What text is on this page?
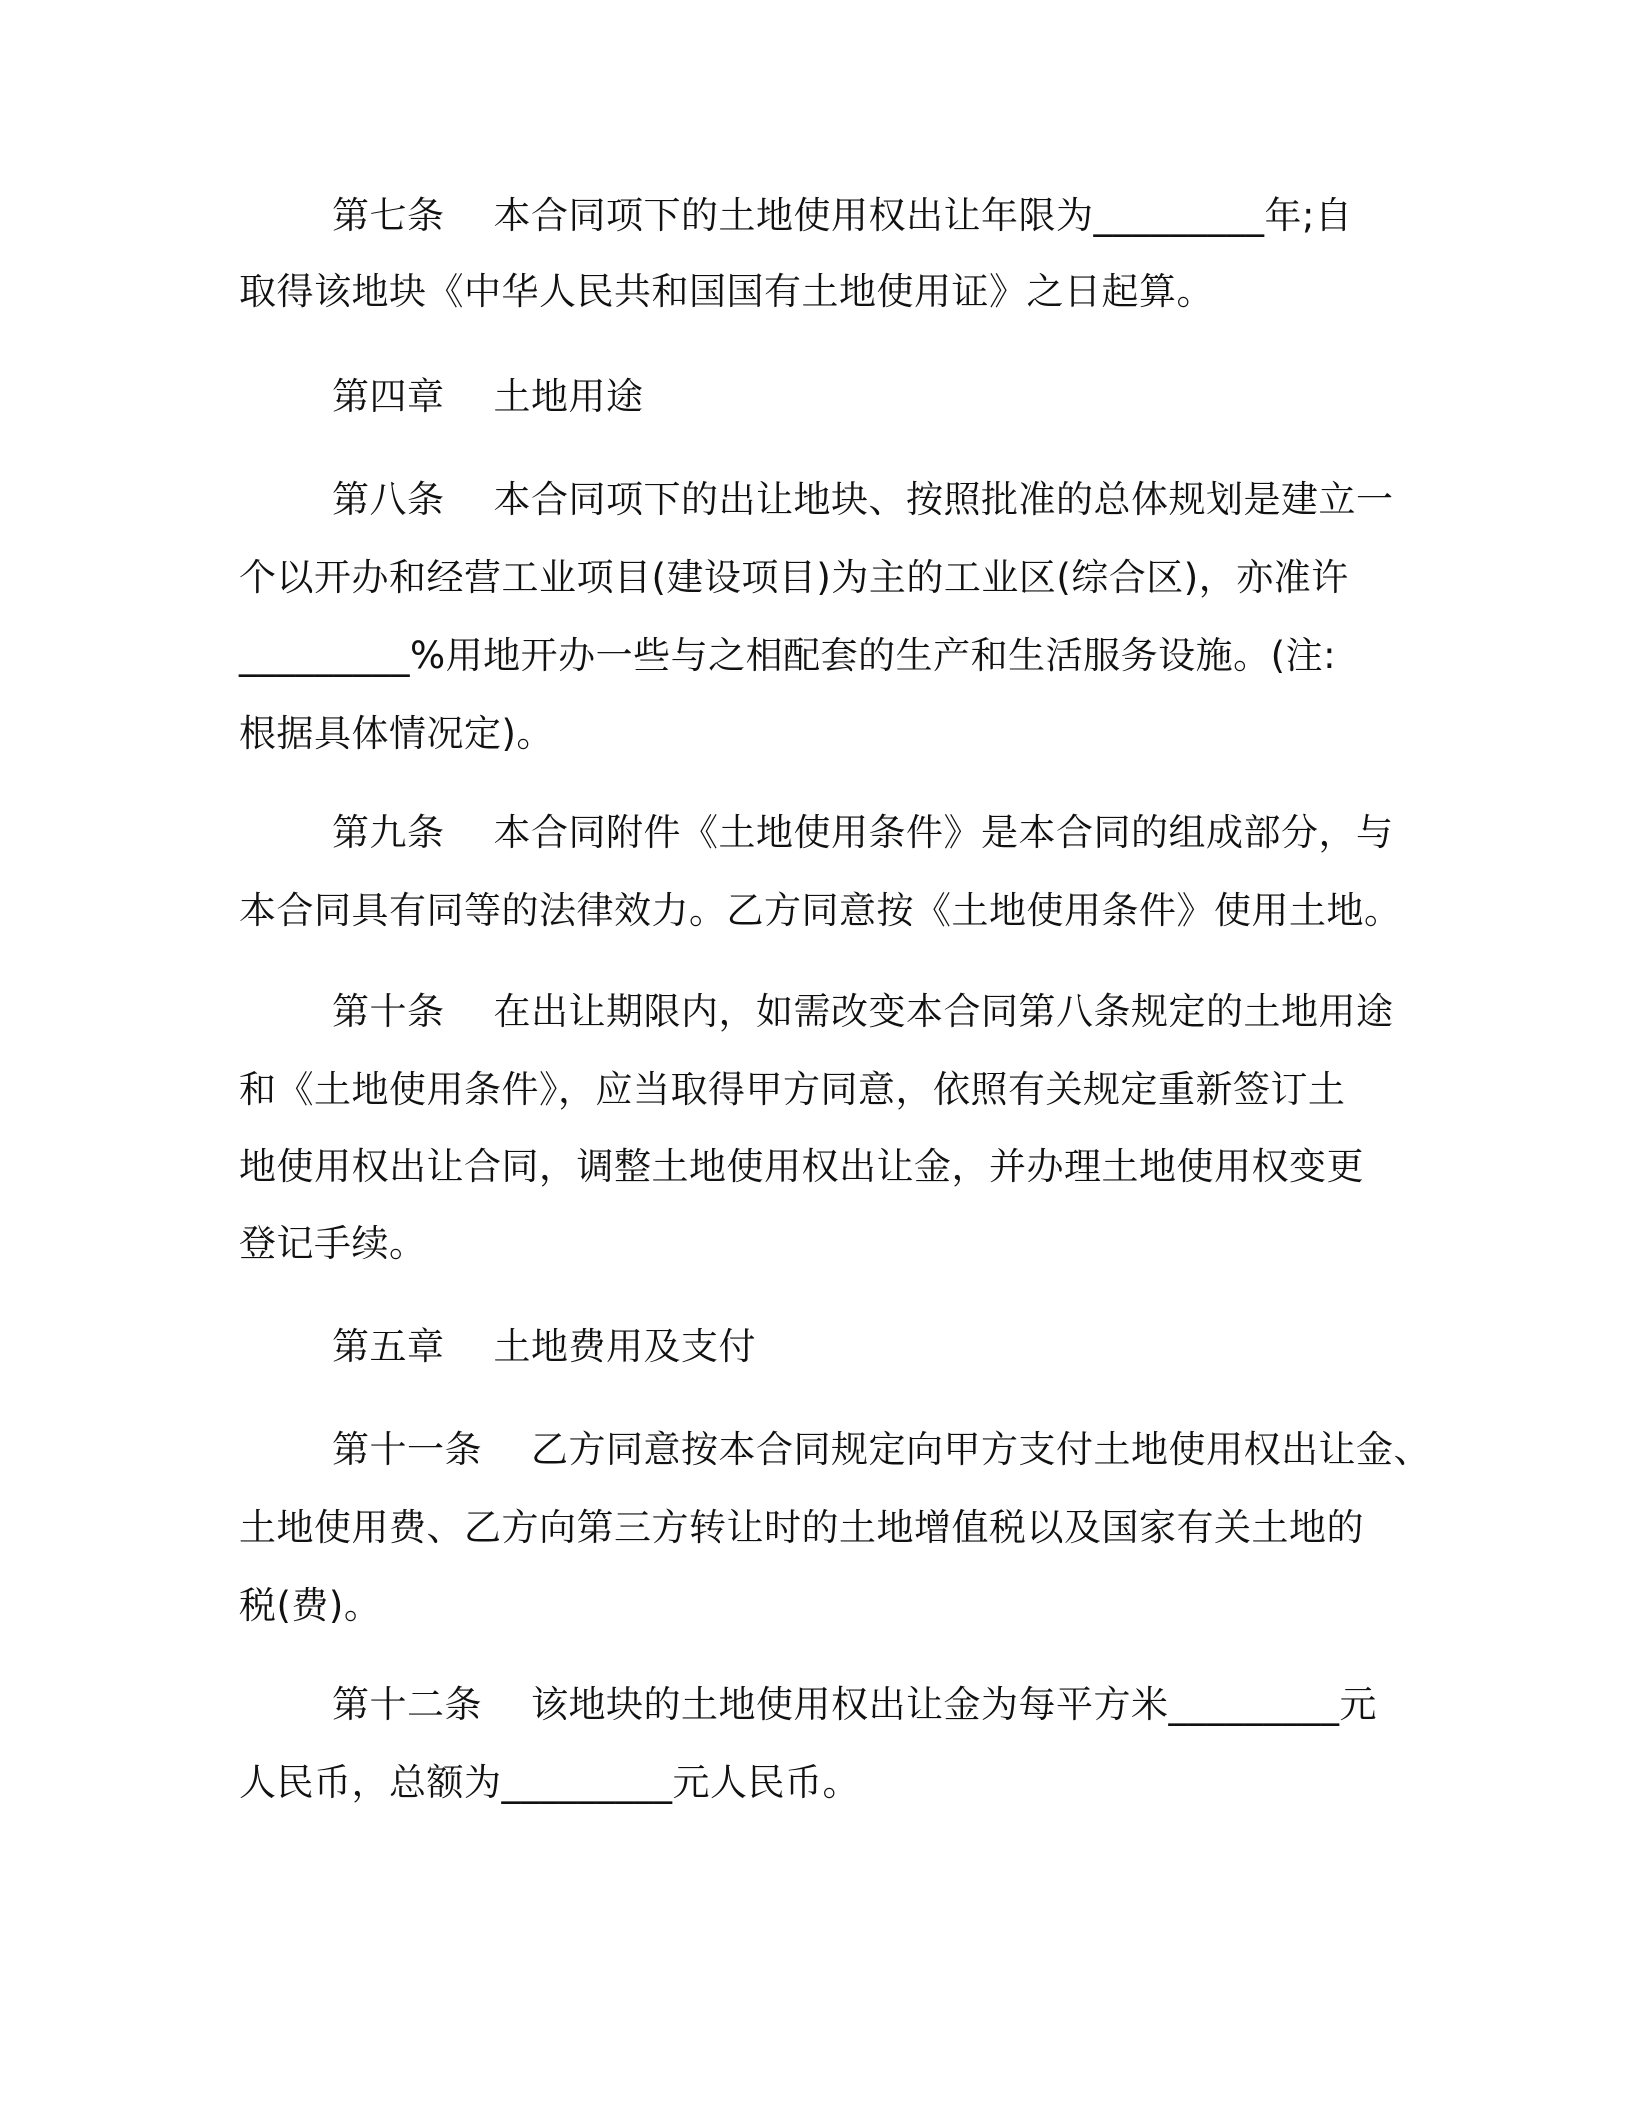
第七条    本合同项下的土地使用权出让年限为_________年;自
取得该地块《中华人民共和国国有土地使用证》之日起算。
第四章    土地用途
第八条    本合同项下的出让地块、按照批准的总体规划是建立一
个以开办和经营工业项目(建设项目)为主的工业区(综合区)，亦准许
_________%用地开办一些与之相配套的生产和生活服务设施。(注:
根据具体情况定)。
第九条    本合同附件《土地使用条件》是本合同的组成部分，与
本合同具有同等的法律效力。乙方同意按《土地使用条件》使用土地。
第十条    在出让期限内，如需改变本合同第八条规定的土地用途
和《土地使用条件》，应当取得甲方同意，依照有关规定重新签订土
地使用权出让合同，调整土地使用权出让金，并办理土地使用权变更
登记手续。
第五章    土地费用及支付
第十一条    乙方同意按本合同规定向甲方支付土地使用权出让金、
土地使用费、乙方向第三方转让时的土地增值税以及国家有关土地的
税(费)。
第十二条    该地块的土地使用权出让金为每平方米_________元
人民币，总额为_________元人民币。
